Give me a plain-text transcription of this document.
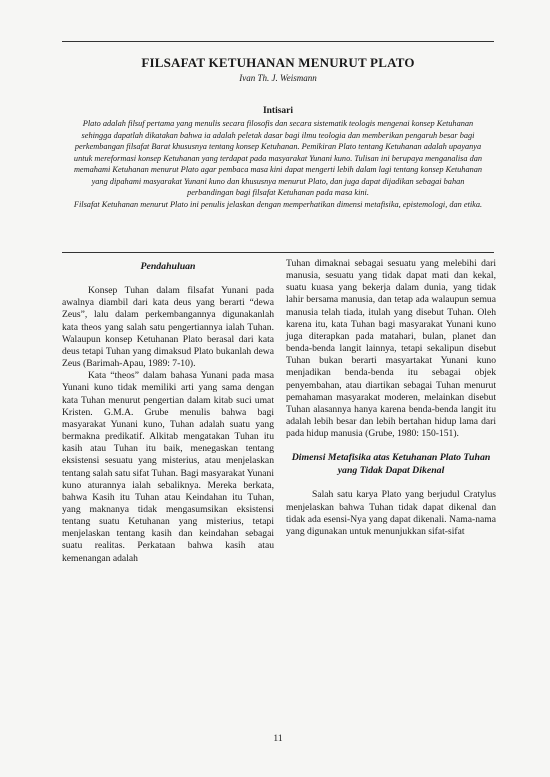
FILSAFAT KETUHANAN MENURUT PLATO
Ivan Th. J. Weismann
Intisari

Plato adalah filsuf pertama yang menulis secara filosofis dan secara sistematik teologis mengenai konsep Ketuhanan sehingga dapatlah dikatakan bahwa ia adalah peletak dasar bagi ilmu teologia dan memberikan pengaruh besar bagi perkembangan filsafat Barat khususnya tentang konsep Ketuhanan. Pemikiran Plato tentang Ketuhanan adalah upayanya untuk mereformasi konsep Ketuhanan yang terdapat pada masyarakat Yunani kuno. Tulisan ini berupaya menganalisa dan memahami Ketuhanan menurut Plato agar pembaca masa kini dapat mengerti lebih dalam lagi tentang konsep Ketuhanan yang dipahami masyarakat Yunani kuno dan khususnya menurut Plato, dan juga dapat dijadikan sebagai bahan perbandingan bagi filsafat Ketuhanan pada masa kini.

Filsafat Ketuhanan menurut Plato ini penulis jelaskan dengan memperhatikan dimensi metafisika, epistemologi, dan etika.

Pendahuluan

Konsep Tuhan dalam filsafat Yunani pada awalnya diambil dari kata deus yang berarti “dewa Zeus”, lalu dalam perkembangannya digunakanlah kata theos yang salah satu pengertiannya ialah Tuhan. Walaupun konsep Ketuhanan Plato berasal dari kata deus tetapi Tuhan yang dimaksud Plato bukanlah dewa Zeus (Barimah-Apau, 1989: 7-10).

Kata “theos” dalam bahasa Yunani pada masa Yunani kuno tidak memiliki arti yang sama dengan kata Tuhan menurut pengertian dalam kitab suci umat Kristen. G.M.A. Grube menulis bahwa bagi masyarakat Yunani kuno, Tuhan adalah suatu yang bermakna predikatif. Alkitab mengatakan Tuhan itu kasih atau Tuhan itu baik, menegaskan tentang eksistensi sesuatu yang misterius, atau menjelaskan tentang salah satu sifat Tuhan. Bagi masyarakat Yunani kuno aturannya ialah sebaliknya. Mereka berkata, bahwa Kasih itu Tuhan atau Keindahan itu Tuhan, yang maknanya tidak mengasumsikan eksistensi tentang suatu Ketuhanan yang misterius, tetapi menjelaskan tentang kasih dan keindahan sebagai suatu realitas. Perkataan bahwa kasih atau kemenangan adalah

Tuhan dimaknai sebagai sesuatu yang melebihi dari manusia, sesuatu yang tidak dapat mati dan kekal, suatu kuasa yang bekerja dalam dunia, yang tidak lahir bersama manusia, dan tetap ada walaupun semua manusia telah tiada, itulah yang disebut Tuhan. Oleh karena itu, kata Tuhan bagi masyarakat Yunani kuno juga diterapkan pada matahari, bulan, planet dan benda-benda langit lainnya, tetapi sekalipun disebut Tuhan bukan berarti masyartakat Yunani kuno menjadikan benda-benda itu sebagai objek penyembahan, atau diartikan sebagai Tuhan menurut pemahaman masyarakat moderen, melainkan disebut Tuhan alasannya hanya karena benda-benda langit itu adalah lebih besar dan lebih bertahan hidup lama dari pada hidup manusia (Grube, 1980: 150-151).

Dimensi Metafisika atas Ketuhanan Plato Tuhan yang Tidak Dapat Dikenal

Salah satu karya Plato yang berjudul Cratylus menjelaskan bahwa Tuhan tidak dapat dikenal dan tidak ada esensi-Nya yang dapat dikenali. Nama-nama yang digunakan untuk menunjukkan sifat-sifat

11
